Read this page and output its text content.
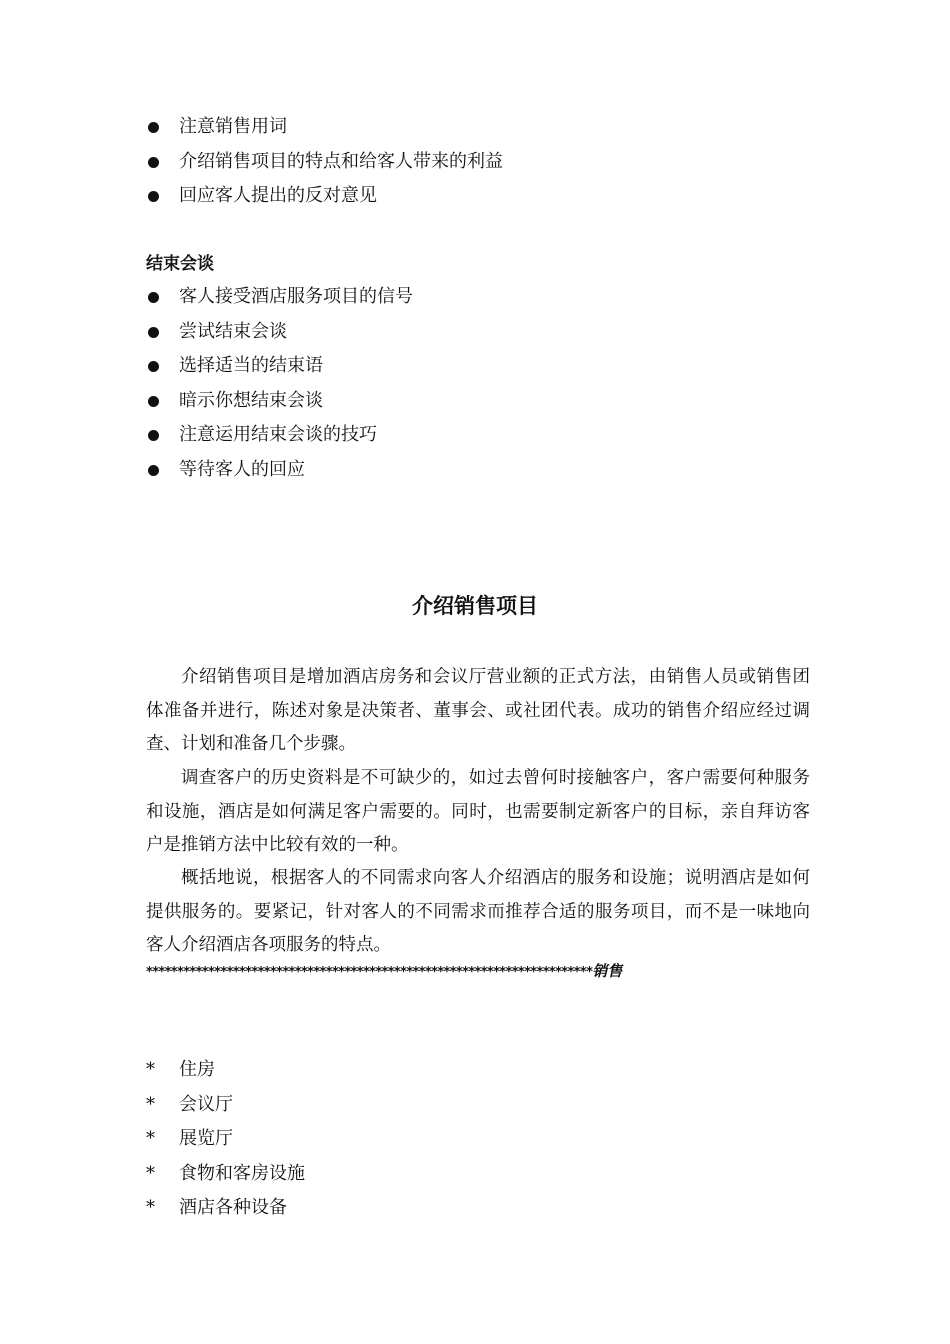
注意销售用词
介绍销售项目的特点和给客人带来的利益
回应客人提出的反对意见
结束会谈
客人接受酒店服务项目的信号
尝试结束会谈
选择适当的结束语
暗示你想结束会谈
注意运用结束会谈的技巧
等待客人的回应
介绍销售项目

介绍销售项目是增加酒店房务和会议厅营业额的正式方法，由销售人员或销售团体准备并进行，陈述对象是决策者、董事会、或社团代表。成功的销售介绍应经过调查、计划和准备几个步骤。

调查客户的历史资料是不可缺少的，如过去曾何时接触客户，客户需要何种服务和设施，酒店是如何满足客户需要的。同时，也需要制定新客户的目标，亲自拜访客户是推销方法中比较有效的一种。

概括地说，根据客人的不同需求向客人介绍酒店的服务和设施；说明酒店是如何提供服务的。要紧记，针对客人的不同需求而推荐合适的服务项目，而不是一味地向客人介绍酒店各项服务的特点。

************************************************************************销售
* 住房
* 会议厅
* 展览厅
* 食物和客房设施
* 酒店各种设备
